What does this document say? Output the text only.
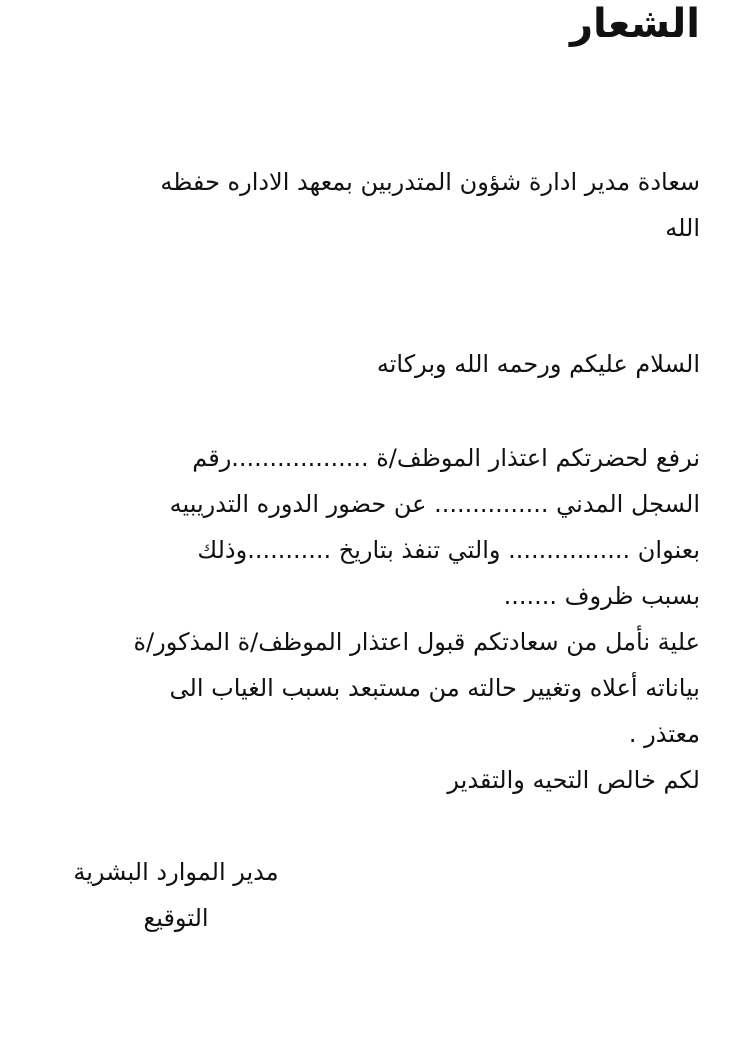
الشعار
سعادة مدير ادارة شؤون المتدربين بمعهد الاداره حفظه
الله
السلام عليكم ورحمه الله وبركاته
نرفع لحضرتكم اعتذار الموظف/ة ..................رقم
السجل المدني ............... عن حضور الدوره التدريبيه
بعنوان ................ والتي تنفذ بتاريخ ...........وذلك
بسبب ظروف .......
علية نأمل من سعادتكم قبول اعتذار الموظف/ة المذكور/ة
بياناته أعلاه وتغيير حالته من مستبعد بسبب الغياب الى
معتذر .
لكم خالص التحيه والتقدير
مدير الموارد البشرية
التوقيع
